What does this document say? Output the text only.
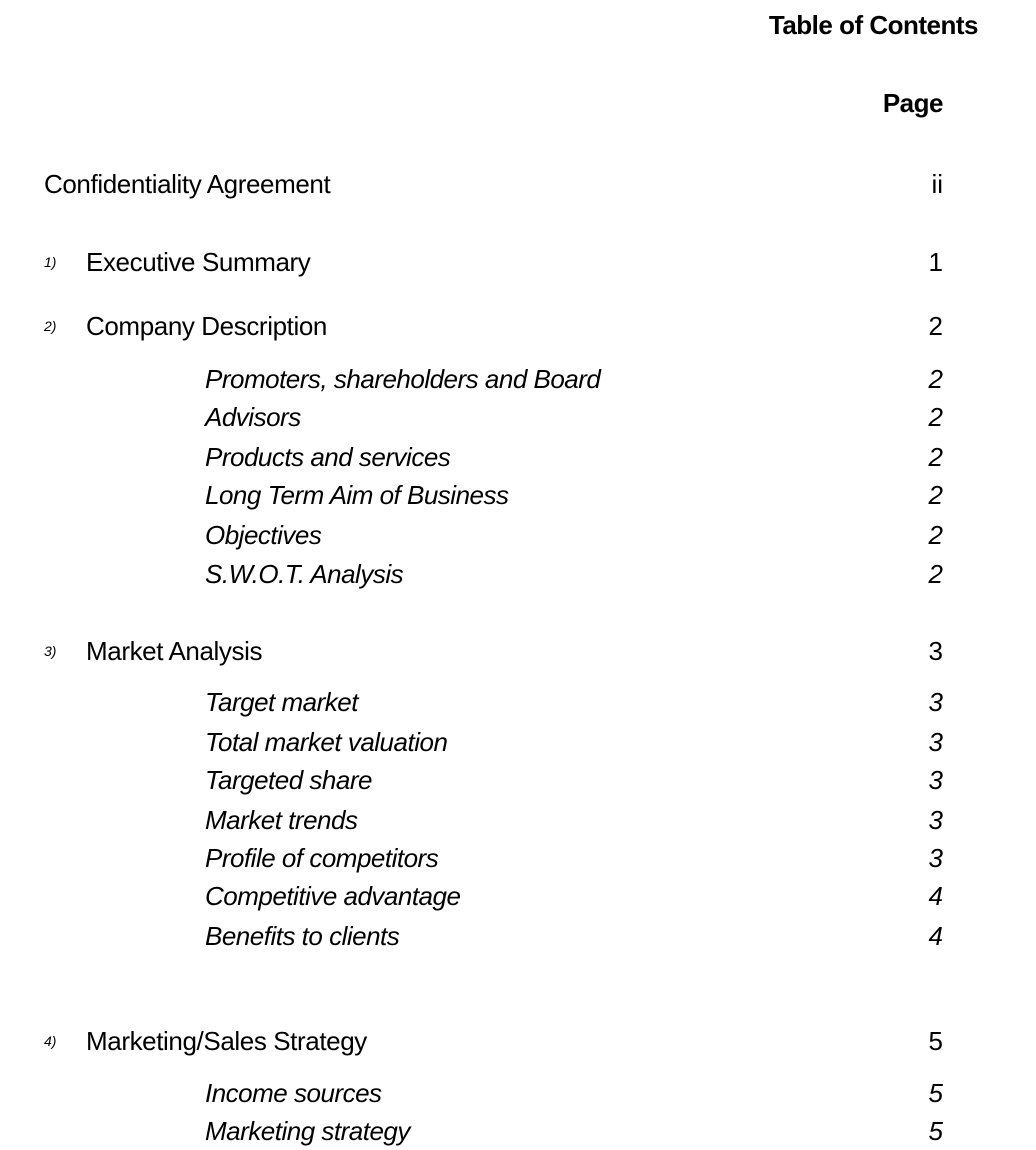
Table of Contents
Page
Confidentiality Agreement	ii
1) Executive Summary	1
2) Company Description	2
Promoters, shareholders and Board	2
Advisors	2
Products and services	2
Long Term Aim of Business	2
Objectives	2
S.W.O.T. Analysis	2
3) Market Analysis	3
Target market	3
Total market valuation	3
Targeted share	3
Market trends	3
Profile of competitors	3
Competitive advantage	4
Benefits to clients	4
4) Marketing/Sales Strategy	5
Income sources	5
Marketing strategy	5
